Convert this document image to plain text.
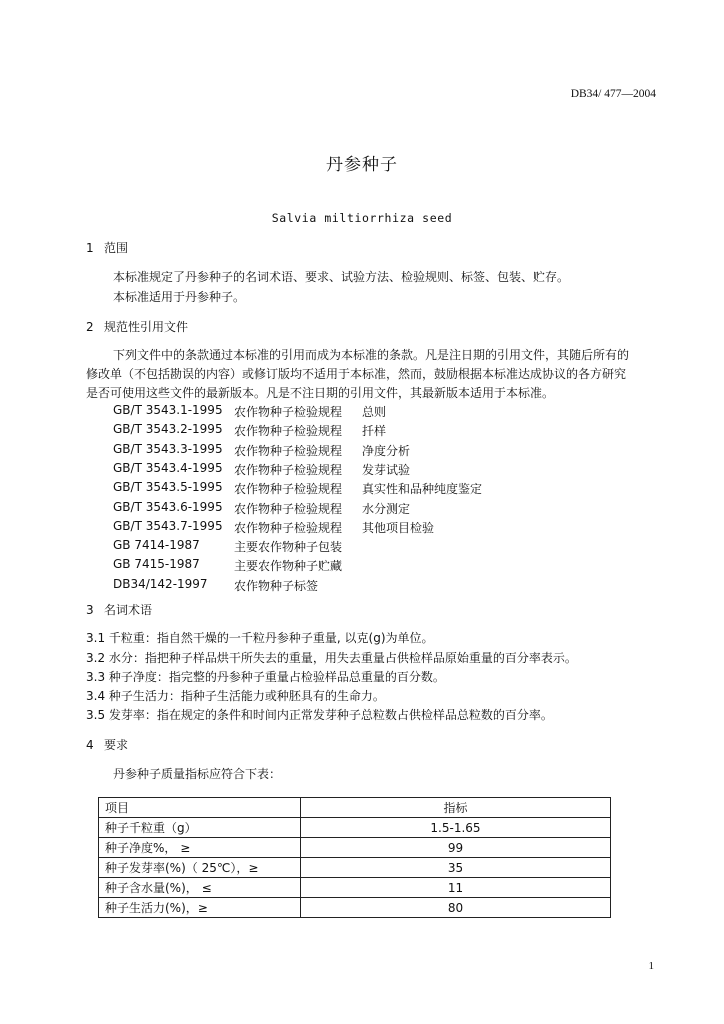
DB34/ 477—2004
丹参种子
Salvia miltiorrhiza seed
1 范围
本标准规定了丹参种子的名词术语、要求、试验方法、检验规则、标签、包装、贮存。
本标准适用于丹参种子。
2 规范性引用文件
下列文件中的条款通过本标准的引用而成为本标准的条款。凡是注日期的引用文件，其随后所有的
修改单（不包括勘误的内容）或修订版均不适用于本标准，然而，鼓励根据本标准达成协议的各方研究
是否可使用这些文件的最新版本。凡是不注日期的引用文件，其最新版本适用于本标准。
GB/T 3543.1-1995 农作物种子检验规程 总则
GB/T 3543.2-1995 农作物种子检验规程 扦样
GB/T 3543.3-1995 农作物种子检验规程 净度分析
GB/T 3543.4-1995 农作物种子检验规程 发芽试验
GB/T 3543.5-1995 农作物种子检验规程 真实性和品种纯度鉴定
GB/T 3543.6-1995 农作物种子检验规程 水分测定
GB/T 3543.7-1995 农作物种子检验规程 其他项目检验
GB 7414-1987	主要农作物种子包装
GB 7415-1987	主要农作物种子贮藏
DB34/142-1997 农作物种子标签
3 名词术语
3.1 千粒重：指自然干燥的一千粒丹参种子重量, 以克(g)为单位。
3.2 水分：指把种子样品烘干所失去的重量，用失去重量占供检样品原始重量的百分率表示。
3.3 种子净度：指完整的丹参种子重量占检验样品总重量的百分数。
3.4 种子生活力：指种子生活能力或种胚具有的生命力。
3.5 发芽率：指在规定的条件和时间内正常发芽种子总粒数占供检样品总粒数的百分率。
4 要求
丹参种子质量指标应符合下表：
项目	指标
种子千粒重（g）	1.5-1.65
种子净度%， ≥	99
种子发芽率(%)（ 25℃），≥	35
种子含水量(%)， ≤	11
种子生活力(%)，≥	80
1
